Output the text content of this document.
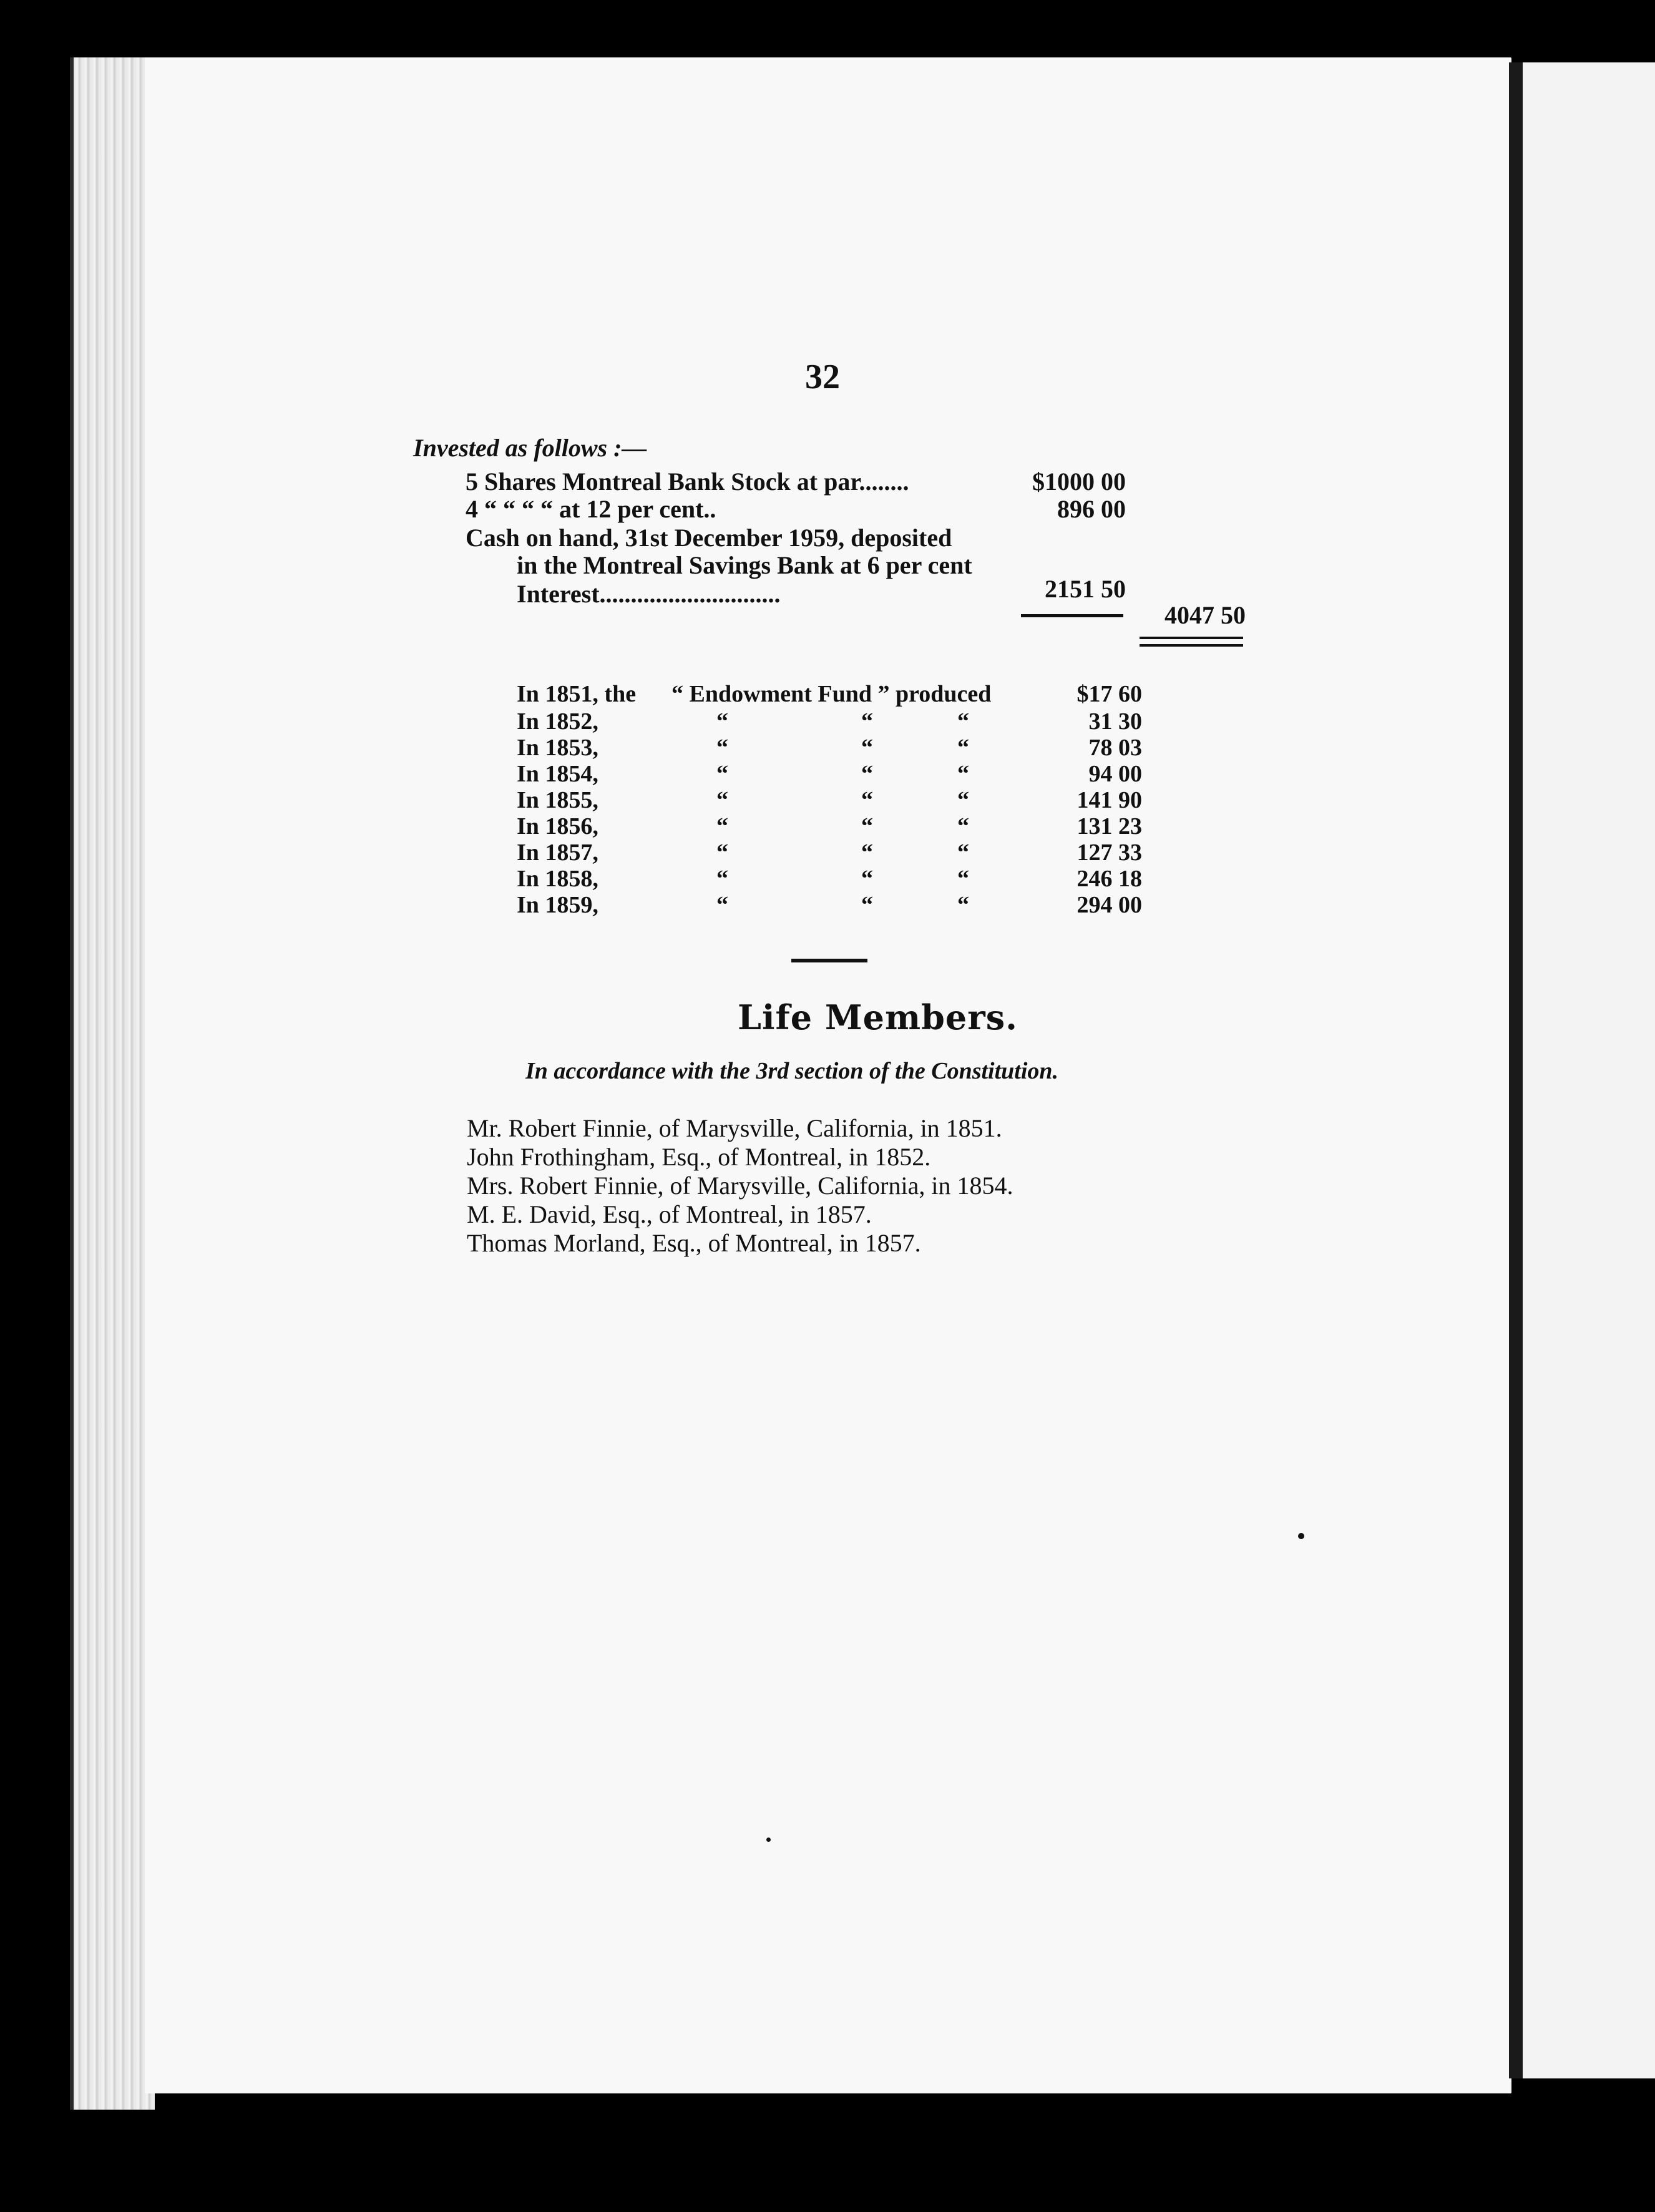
32
Invested as follows :—
5 Shares Montreal Bank Stock at par........	$1000 00
4 “ “ “ “ at 12 per cent..	896 00
Cash on hand, 31st December 1959, deposited
in the Montreal Savings Bank at 6 per cent
Interest.............................	2151 50
4047 50
In 1851, the “ Endowment Fund ” produced	$17 60
In 1852,	“	“	“	31 30
In 1853,	“	“	“	78 03
In 1854,	“	“	“	94 00
In 1855,	“	“	“	141 90
In 1856,	“	“	“	131 23
In 1857,	“	“	“	127 33
In 1858,	“	“	“	246 18
In 1859,	“	“	“	294 00
Life Members.
In accordance with the 3rd section of the Constitution.
Mr. Robert Finnie, of Marysville, California, in 1851.
John Frothingham, Esq., of Montreal, in 1852.
Mrs. Robert Finnie, of Marysville, California, in 1854.
M. E. David, Esq., of Montreal, in 1857.
Thomas Morland, Esq., of Montreal, in 1857.
